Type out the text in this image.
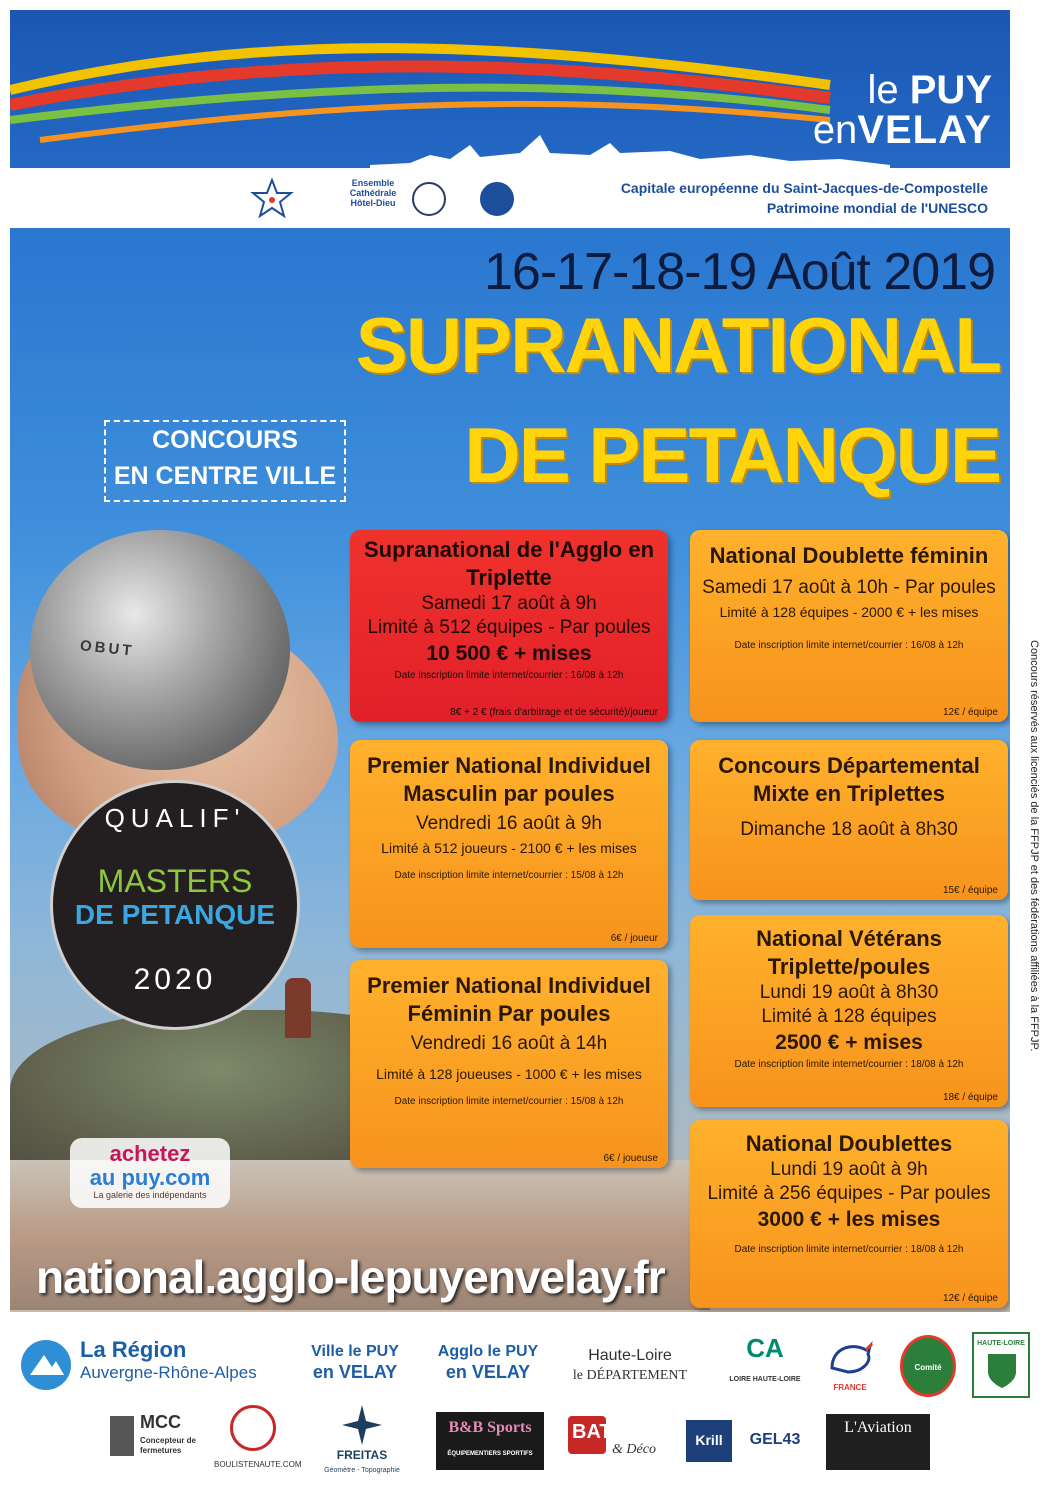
le PUY
enVELAY
Ensemble Cathédrale Hôtel-Dieu
Capitale européenne du Saint-Jacques-de-Compostelle
Patrimoine mondial de l'UNESCO
16-17-18-19 Août 2019
SUPRANATIONAL
DE PETANQUE
CONCOURS
EN CENTRE VILLE
OBUT
QUALIF'
MASTERS
DE PETANQUE
2020
Supranational de l'Agglo en Triplette
Samedi 17 août à 9h
Limité à 512 équipes - Par poules
10 500 € + mises
Date inscription limite internet/courrier : 16/08 à 12h
8€ + 2 € (frais d'arbitrage et de sécurité)/joueur
National Doublette féminin
Samedi 17 août à 10h - Par poules
Limité à 128 équipes - 2000 € + les mises
Date inscription limite internet/courrier : 16/08 à 12h
12€ / équipe
Premier National Individuel Masculin par poules
Vendredi 16 août à 9h
Limité à 512 joueurs - 2100 € + les mises
Date inscription limite internet/courrier : 15/08 à 12h
6€ / joueur
Concours Départemental Mixte en Triplettes
Dimanche 18 août à 8h30
15€ / équipe
Premier National Individuel Féminin Par poules
Vendredi 16 août à 14h
Limité à 128 joueuses - 1000 € + les mises
Date inscription limite internet/courrier : 15/08 à 12h
6€ / joueuse
National Vétérans Triplette/poules
Lundi 19 août à 8h30
Limité à 128 équipes
2500 € + mises
Date inscription limite internet/courrier : 18/08 à 12h
18€ / équipe
National Doublettes
Lundi 19 août à 9h
Limité à 256 équipes - Par poules
3000 € + les mises
Date inscription limite internet/courrier : 18/08 à 12h
12€ / équipe
achetez
au puy.com
La galerie des indépendants
national.agglo-lepuyenvelay.fr
Concours réservés aux licenciés de la FFPJP et des fédérations affiliées à la FFPJP.
La Région
Auvergne-Rhône-Alpes
Ville le PUY
en VELAY
Agglo le PUY
en VELAY
Haute-Loire
le DÉPARTEMENT
CA
LOIRE HAUTE-LOIRE
FRANCE
Comité
HAUTE-LOIRE
MCC
Concepteur de fermetures
BOULISTENAUTE.COM
FREITAS
Géomètre - Topographie
B&B Sports
ÉQUIPEMENTIERS SPORTIFS
BATI
& Déco
Krill	GEL43
L'Aviation
